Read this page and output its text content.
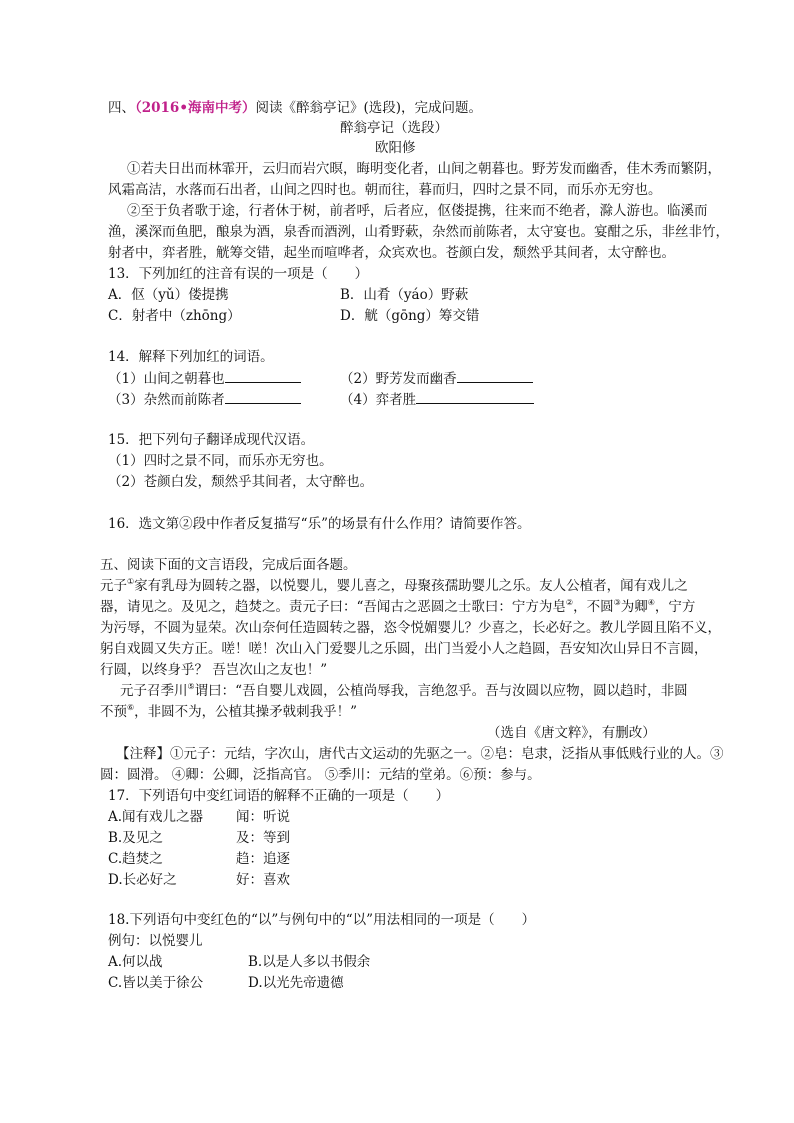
四、（2016•海南中考）阅读《醉翁亭记》(选段)，完成问题。
醉翁亭记（选段）
欧阳修
①若夫日出而林霏开，云归而岩穴暝，晦明变化者，山间之朝暮也。野芳发而幽香，佳木秀而繁阴，
风霜高洁，水落而石出者，山间之四时也。朝而往，暮而归，四时之景不同，而乐亦无穷也。
②至于负者歌于途，行者休于树，前者呼，后者应，伛偻提携，往来而不绝者，滁人游也。临溪而
渔，溪深而鱼肥，酿泉为酒，泉香而酒洌，山肴野蔌，杂然而前陈者，太守宴也。宴酣之乐，非丝非竹，
射者中，弈者胜，觥筹交错，起坐而喧哗者，众宾欢也。苍颜白发，颓然乎其间者，太守醉也。
13．下列加红的注音有误的一项是（　　）
A．伛（yǔ）偻提携	B．山肴（yáo）野蔌
C．射者中（zhōng）	D．觥（gōng）筹交错
14．解释下列加红的词语。
（1）山间之朝暮也	（2）野芳发而幽香
（3）杂然而前陈者	（4）弈者胜
15．把下列句子翻译成现代汉语。
（1）四时之景不同，而乐亦无穷也。
（2）苍颜白发，颓然乎其间者，太守醉也。
16．选文第②段中作者反复描写“乐”的场景有什么作用？请简要作答。
五、阅读下面的文言语段，完成后面各题。
元子①家有乳母为圆转之器，以悦婴儿，婴儿喜之，母聚孩孺助婴儿之乐。友人公植者，闻有戏儿之
器，请见之。及见之，趋焚之。责元子曰：“吾闻古之恶圆之士歌曰：宁方为皂②，不圆③为卿④，宁方
为污辱，不圆为显荣。次山奈何任造圆转之器，恣令悦媚婴儿？少喜之，长必好之。教儿学圆且陷不义，
躬自戏圆又失方正。嗟！嗟！次山入门爱婴儿之乐圆，出门当爱小人之趋圆，吾安知次山异日不言圆，
行圆，以终身乎？ 吾岂次山之友也！”
元子召季川⑤谓曰：“吾自婴儿戏圆，公植尚辱我，言绝忽乎。吾与汝圆以应物，圆以趋时，非圆
不预⑥，非圆不为，公植其操矛戟刺我乎！”
（选自《唐文粹》，有删改）
【注释】①元子：元结，字次山，唐代古文运动的先驱之一。②皂：皂隶，泛指从事低贱行业的人。③
圆：圆滑。 ④卿：公卿，泛指高官。 ⑤季川：元结的堂弟。⑥预：参与。
17．下列语句中变红词语的解释不正确的一项是（　　）
A.闻有戏儿之器 闻：听说
B.及见之	及：等到
C.趋焚之	趋：追逐
D.长必好之	好：喜欢
18.下列语句中变红色的“以”与例句中的“以”用法相同的一项是（　　）
例句：以悦婴儿
A.何以战	B.以是人多以书假余
C.皆以美于徐公	D.以光先帝遗德
